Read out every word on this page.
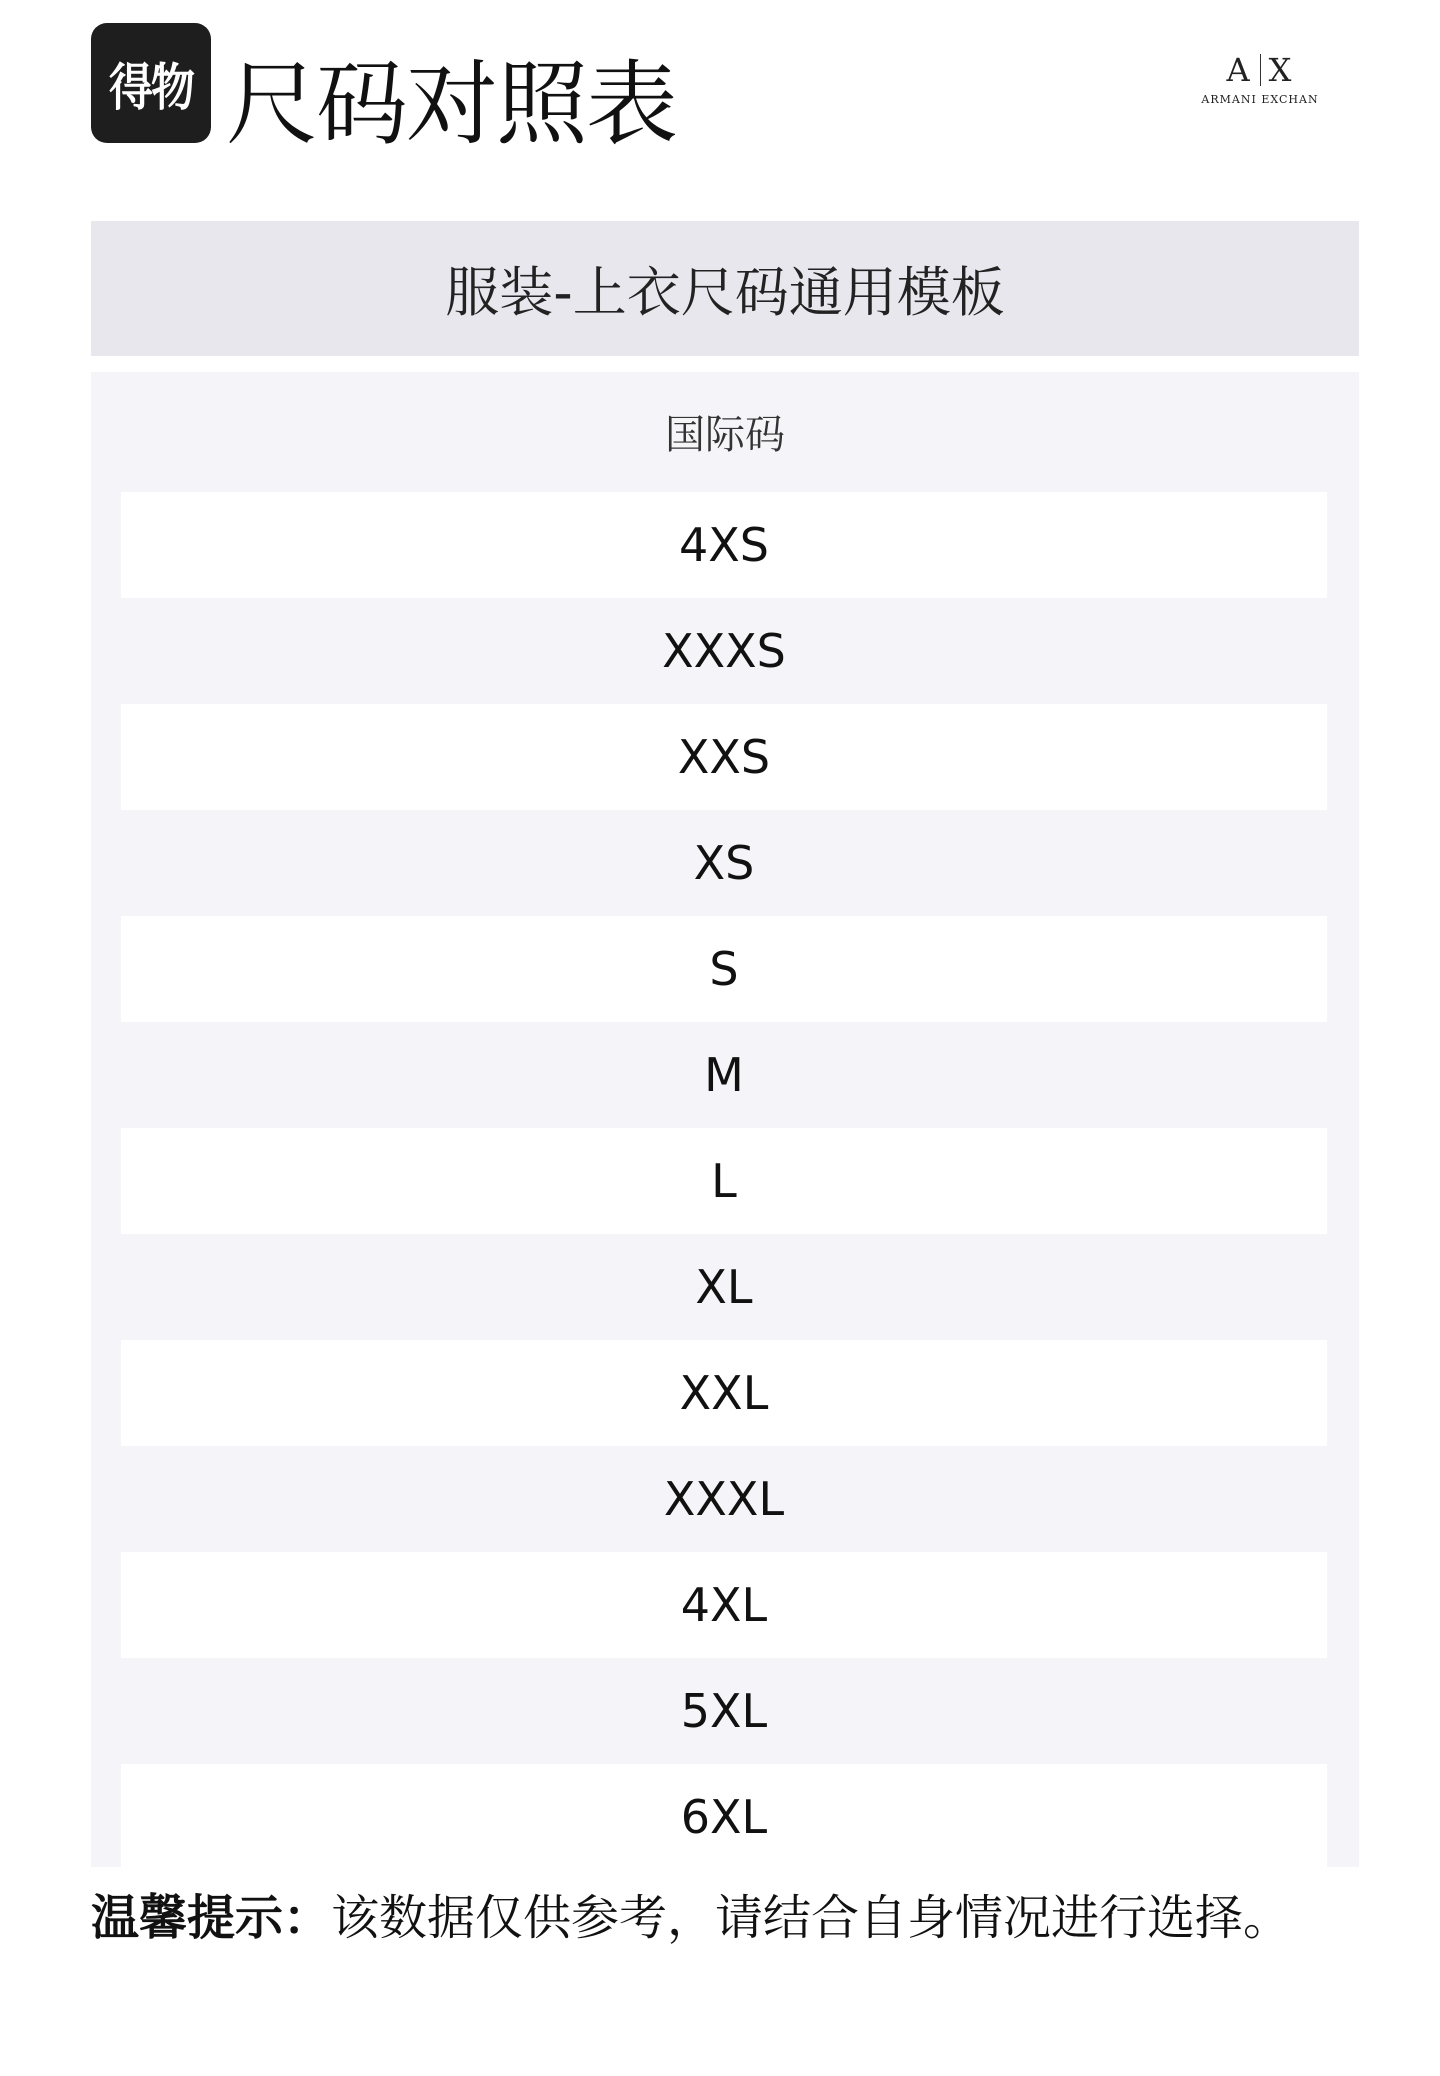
得物 尺码对照表	A X
ARMANI EXCHAN
服装-上衣尺码通用模板
国际码
4XS
XXXS
XXS
XS
S
M
L
XL
XXL
XXXL
4XL
5XL
6XL
温馨提示：该数据仅供参考，请结合自身情况进行选择。
